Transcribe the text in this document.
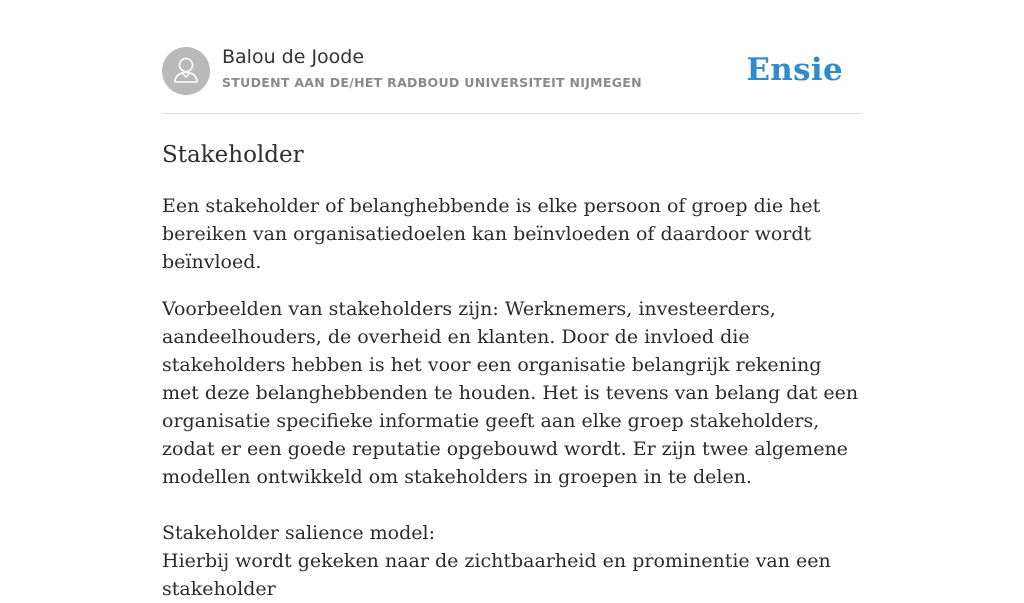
Balou de Joode
STUDENT AAN DE/HET RADBOUD UNIVERSITEIT NIJMEGEN	Ensie
Stakeholder

Een stakeholder of belanghebbende is elke persoon of groep die het bereiken van organisatiedoelen kan beïnvloeden of daardoor wordt beïnvloed.

Voorbeelden van stakeholders zijn: Werknemers, investeerders, aandeelhouders, de overheid en klanten. Door de invloed die stakeholders hebben is het voor een organisatie belangrijk rekening met deze belanghebbenden te houden. Het is tevens van belang dat een organisatie specifieke informatie geeft aan elke groep stakeholders, zodat er een goede reputatie opgebouwd wordt. Er zijn twee algemene modellen ontwikkeld om stakeholders in groepen in te delen.

Stakeholder salience model:
Hierbij wordt gekeken naar de zichtbaarheid en prominentie van een stakeholder
